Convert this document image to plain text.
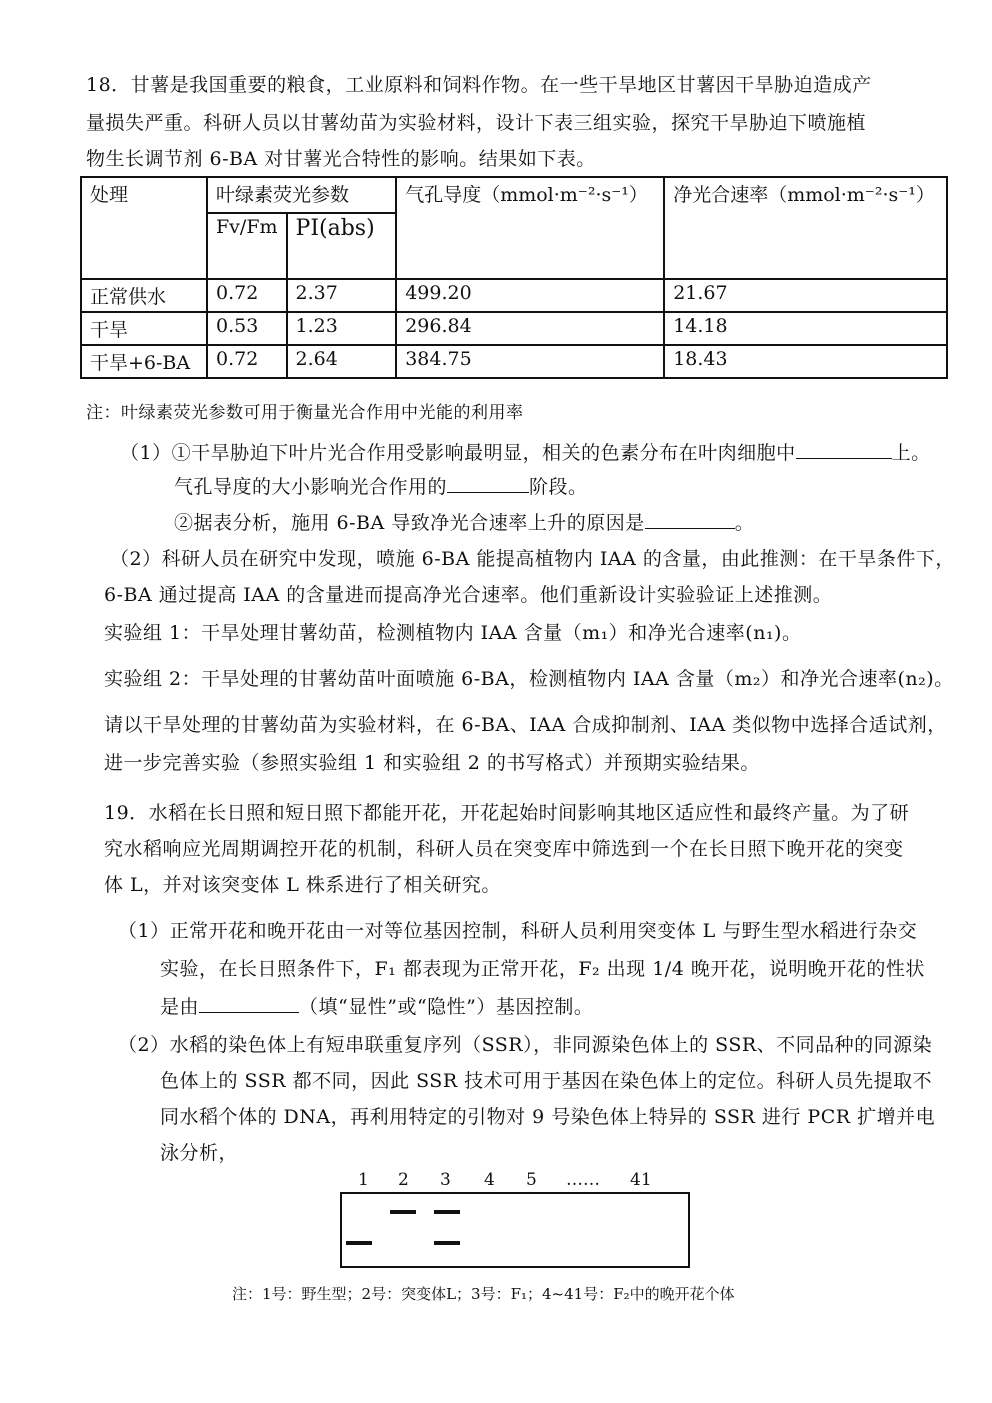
18．甘薯是我国重要的粮食，工业原料和饲料作物。在一些干旱地区甘薯因干旱胁迫造成产
量损失严重。科研人员以甘薯幼苗为实验材料，设计下表三组实验，探究干旱胁迫下喷施植
物生长调节剂 6-BA 对甘薯光合特性的影响。结果如下表。
处理	叶绿素荧光参数		气孔导度（mmol·m⁻²·s⁻¹）	净光合速率（mmol·m⁻²·s⁻¹）
	Fv/Fm	PI(abs)		
正常供水	0.72	2.37	499.20	21.67
干旱	0.53	1.23	296.84	14.18
干旱+6-BA	0.72	2.64	384.75	18.43
注：叶绿素荧光参数可用于衡量光合作用中光能的利用率
（1）①干旱胁迫下叶片光合作用受影响最明显，相关的色素分布在叶肉细胞中	上。
气孔导度的大小影响光合作用的	阶段。
②据表分析，施用 6-BA 导致净光合速率上升的原因是	。
（2）科研人员在研究中发现，喷施 6-BA 能提高植物内 IAA 的含量，由此推测：在干旱条件下，
6-BA 通过提高 IAA 的含量进而提高净光合速率。他们重新设计实验验证上述推测。
实验组 1：干旱处理甘薯幼苗，检测植物内 IAA 含量（m₁）和净光合速率(n₁)。
实验组 2：干旱处理的甘薯幼苗叶面喷施 6-BA，检测植物内 IAA 含量（m₂）和净光合速率(n₂)。
请以干旱处理的甘薯幼苗为实验材料，在 6-BA、IAA 合成抑制剂、IAA 类似物中选择合适试剂，
进一步完善实验（参照实验组 1 和实验组 2 的书写格式）并预期实验结果。
19．水稻在长日照和短日照下都能开花，开花起始时间影响其地区适应性和最终产量。为了研
究水稻响应光周期调控开花的机制，科研人员在突变库中筛选到一个在长日照下晚开花的突变
体 L，并对该突变体 L 株系进行了相关研究。
（1）正常开花和晚开花由一对等位基因控制，科研人员利用突变体 L 与野生型水稻进行杂交
实验，在长日照条件下，F₁ 都表现为正常开花，F₂ 出现 1/4 晚开花，说明晚开花的性状
是由	（填“显性”或“隐性”）基因控制。
（2）水稻的染色体上有短串联重复序列（SSR），非同源染色体上的 SSR、不同品种的同源染
色体上的 SSR 都不同，因此 SSR 技术可用于基因在染色体上的定位。科研人员先提取不
同水稻个体的 DNA，再利用特定的引物对 9 号染色体上特异的 SSR 进行 PCR 扩增并电
泳分析，
1 2 3 4 5 …… 41
注：1号：野生型；2号：突变体L；3号：F₁；4~41号：F₂中的晚开花个体
